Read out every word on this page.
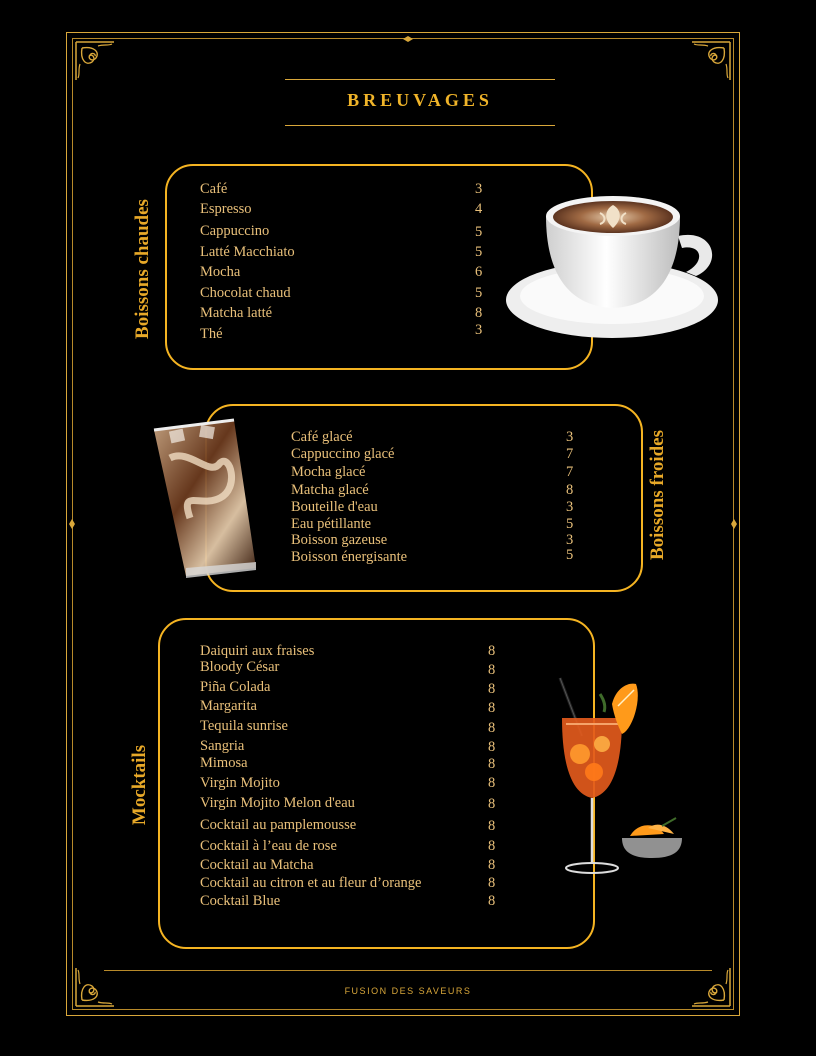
BREUVAGES
Boissons chaudes
Café	3
Espresso	4
Cappuccino	5
Latté Macchiato	5
Mocha	6
Chocolat chaud	5
Matcha latté	8
Thé	3
Boissons froides
Café glacé	3
Cappuccino glacé	7
Mocha glacé	7
Matcha glacé	8
Bouteille d'eau	3
Eau pétillante	5
Boisson gazeuse	3
Boisson énergisante	5
Mocktails
Daiquiri aux fraises	8
Bloody César	8
Piña Colada	8
Margarita	8
Tequila sunrise	8
Sangria	8
Mimosa	8
Virgin Mojito	8
Virgin Mojito Melon d'eau	8
Cocktail au pamplemousse	8
Cocktail à l’eau de rose	8
Cocktail au Matcha	8
Cocktail au citron et au fleur d’orange	8
Cocktail Blue	8
FUSION DES SAVEURS
